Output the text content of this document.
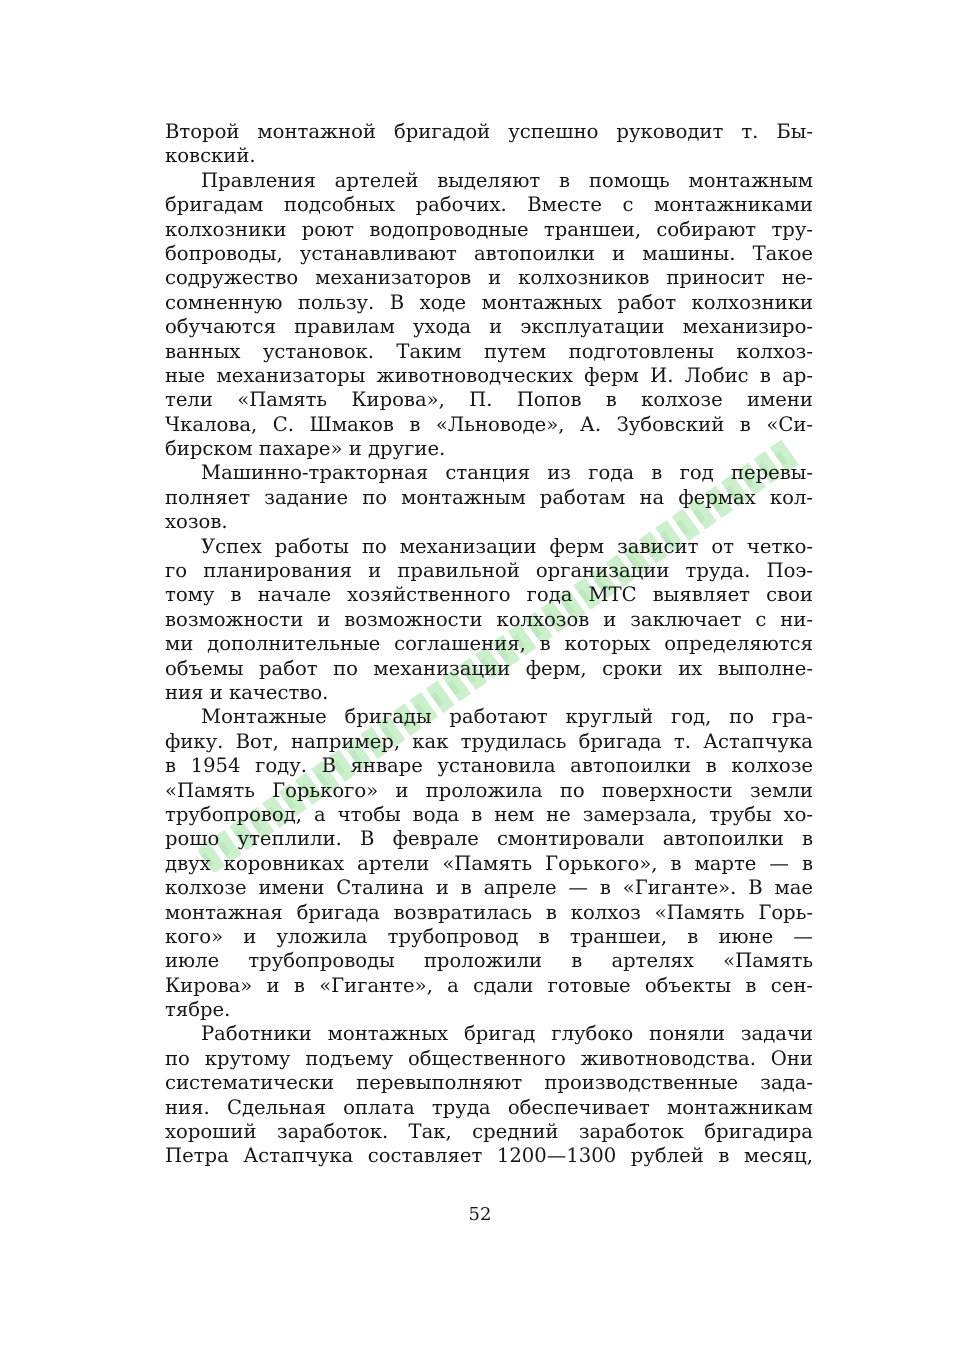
Второй монтажной бригадой успешно руководит т. Бы-
ковский.
Правления артелей выделяют в помощь монтажным
бригадам подсобных рабочих. Вместе с монтажниками
колхозники роют водопроводные траншеи, собирают тру-
бопроводы, устанавливают автопоилки и машины. Такое
содружество механизаторов и колхозников приносит не-
сомненную пользу. В ходе монтажных работ колхозники
обучаются правилам ухода и эксплуатации механизиро-
ванных установок. Таким путем подготовлены колхоз-
ные механизаторы животноводческих ферм И. Лобис в ар-
тели «Память Кирова», П. Попов в колхозе имени
Чкалова, С. Шмаков в «Льноводе», А. Зубовский в «Си-
бирском пахаре» и другие.
Машинно-тракторная станция из года в год перевы-
полняет задание по монтажным работам на фермах кол-
хозов.
Успех работы по механизации ферм зависит от четко-
го планирования и правильной организации труда. Поэ-
тому в начале хозяйственного года МТС выявляет свои
возможности и возможности колхозов и заключает с ни-
ми дополнительные соглашения, в которых определяются
объемы работ по механизации ферм, сроки их выполне-
ния и качество.
Монтажные бригады работают круглый год, по гра-
фику. Вот, например, как трудилась бригада т. Астапчука
в 1954 году. В январе установила автопоилки в колхозе
«Память Горького» и проложила по поверхности земли
трубопровод, а чтобы вода в нем не замерзала, трубы хо-
рошо утеплили. В феврале смонтировали автопоилки в
двух коровниках артели «Память Горького», в марте — в
колхозе имени Сталина и в апреле — в «Гиганте». В мае
монтажная бригада возвратилась в колхоз «Память Горь-
кого» и уложила трубопровод в траншеи, в июне —
июле трубопроводы проложили в артелях «Память
Кирова» и в «Гиганте», а сдали готовые объекты в сен-
тябре.
Работники монтажных бригад глубоко поняли задачи
по крутому подъему общественного животноводства. Они
систематически перевыполняют производственные зада-
ния. Сдельная оплата труда обеспечивает монтажникам
хороший заработок. Так, средний заработок бригадира
Петра Астапчука составляет 1200—1300 рублей в месяц,
52
